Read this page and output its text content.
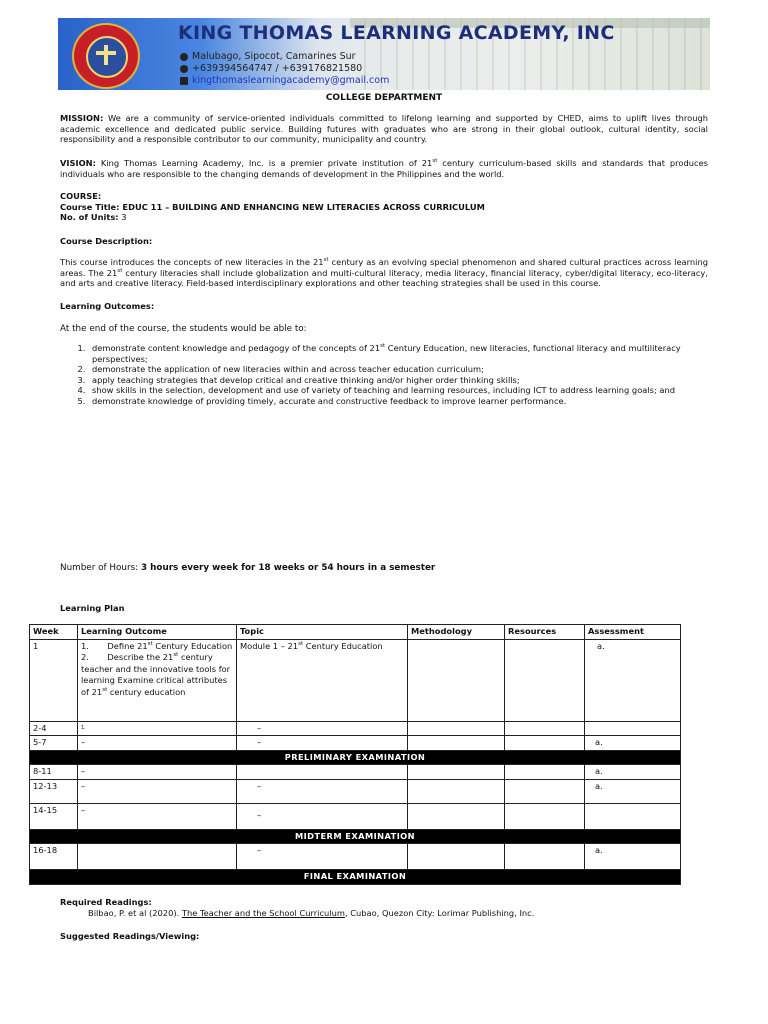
KING THOMAS LEARNING ACADEMY, INC
Malubago, Sipocot, Camarines Sur
+639394564747 / +639176821580
kingthomaslearningacademy@gmail.com
COLLEGE DEPARTMENT
MISSION: We are a community of service-oriented individuals committed to lifelong learning and supported by CHED, aims to uplift lives through academic excellence and dedicated public service. Building futures with graduates who are strong in their global outlook, cultural identity, social responsibility and a responsible contributor to our community, municipality and country.
VISION: King Thomas Learning Academy, Inc. is a premier private institution of 21st century curriculum-based skills and standards that produces individuals who are responsible to the changing demands of development in the Philippines and the world.
COURSE:
Course Title: EDUC 11 – BUILDING AND ENHANCING NEW LITERACIES ACROSS CURRICULUM
No. of Units: 3
Course Description:
This course introduces the concepts of new literacies in the 21st century as an evolving special phenomenon and shared cultural practices across learning areas. The 21st century literacies shall include globalization and multi-cultural literacy, media literacy, financial literacy, cyber/digital literacy, eco-literacy, and arts and creative literacy. Field-based interdisciplinary explorations and other teaching strategies shall be used in this course.
Learning Outcomes:
At the end of the course, the students would be able to:
1. demonstrate content knowledge and pedagogy of the concepts of 21st Century Education, new literacies, functional literacy and multiliteracy perspectives;
2. demonstrate the application of new literacies within and across teacher education curriculum;
3. apply teaching strategies that develop critical and creative thinking and/or higher order thinking skills;
4. show skills in the selection, development and use of variety of teaching and learning resources, including ICT to address learning goals; and
5. demonstrate knowledge of providing timely, accurate and constructive feedback to improve learner performance.
Number of Hours: 3 hours every week for 18 weeks or 54 hours in a semester
Learning Plan
Week	Learning Outcome	Topic	Methodology	Resources	Assessment
1	1. Define 21st Century Education
2. Describe the 21st century teacher and the innovative tools for learning Examine critical attributes of 21st century education	Module 1 – 21st Century Education			a.
2-4	1.	–			
5-7	–	–			a.
PRELIMINARY EXAMINATION					
8-11	–				a.
12-13	–	–			a.
14-15	–	–			
MIDTERM EXAMINATION					
16-18		–			a.
FINAL EXAMINATION					
Required Readings:
Bilbao, P. et al (2020). The Teacher and the School Curriculum, Cubao, Quezon City: Lorimar Publishing, Inc.
Suggested Readings/Viewing:
